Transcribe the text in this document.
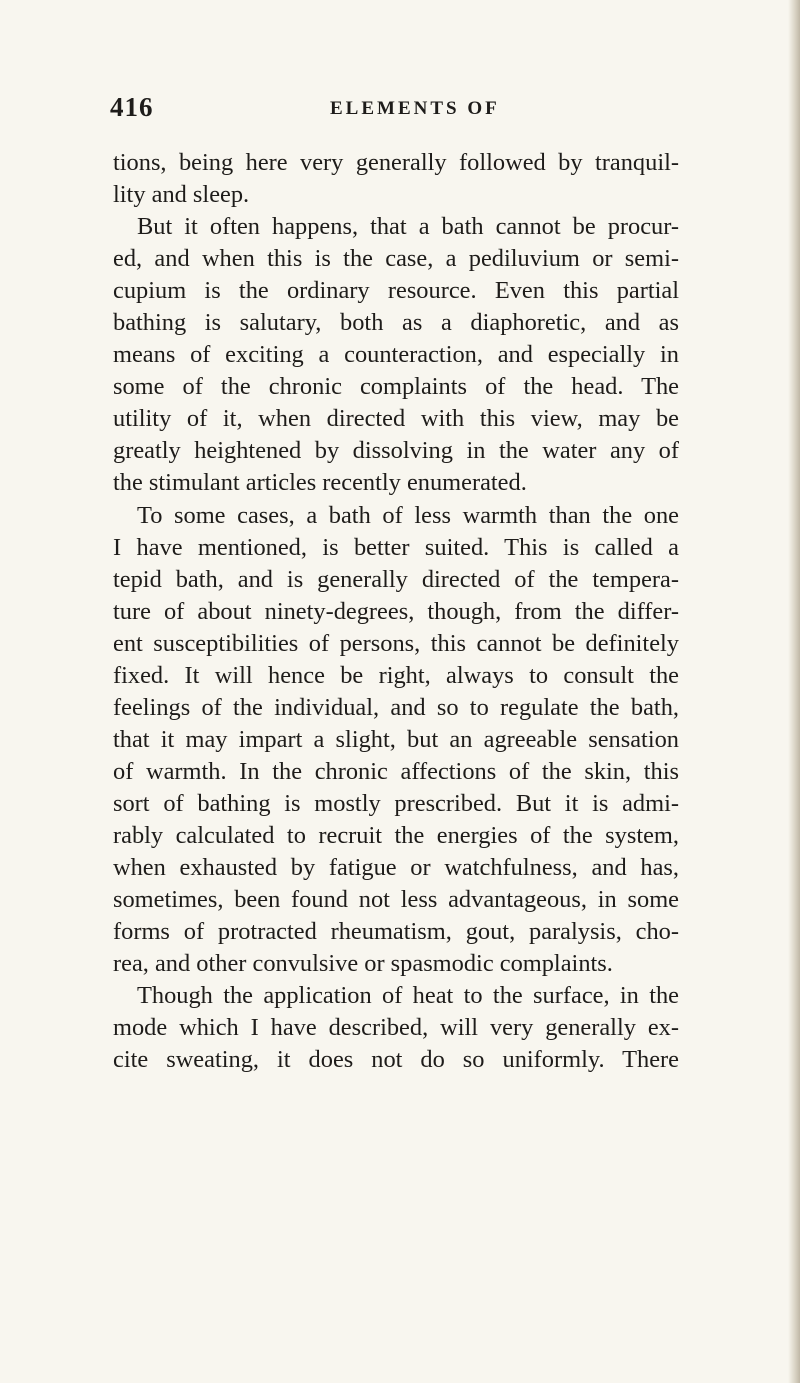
416	ELEMENTS OF
tions, being here very generally followed by tranquil-
lity and sleep.
But it often happens, that a bath cannot be procur-
ed, and when this is the case, a pediluvium or semi-
cupium is the ordinary resource. Even this partial
bathing is salutary, both as a diaphoretic, and as
means of exciting a counteraction, and especially in
some of the chronic complaints of the head. The
utility of it, when directed with this view, may be
greatly heightened by dissolving in the water any of
the stimulant articles recently enumerated.
To some cases, a bath of less warmth than the one
I have mentioned, is better suited. This is called a
tepid bath, and is generally directed of the tempera-
ture of about ninety-degrees, though, from the differ-
ent susceptibilities of persons, this cannot be definitely
fixed. It will hence be right, always to consult the
feelings of the individual, and so to regulate the bath,
that it may impart a slight, but an agreeable sensation
of warmth. In the chronic affections of the skin, this
sort of bathing is mostly prescribed. But it is admi-
rably calculated to recruit the energies of the system,
when exhausted by fatigue or watchfulness, and has,
sometimes, been found not less advantageous, in some
forms of protracted rheumatism, gout, paralysis, cho-
rea, and other convulsive or spasmodic complaints.
Though the application of heat to the surface, in the
mode which I have described, will very generally ex-
cite sweating, it does not do so uniformly. There
